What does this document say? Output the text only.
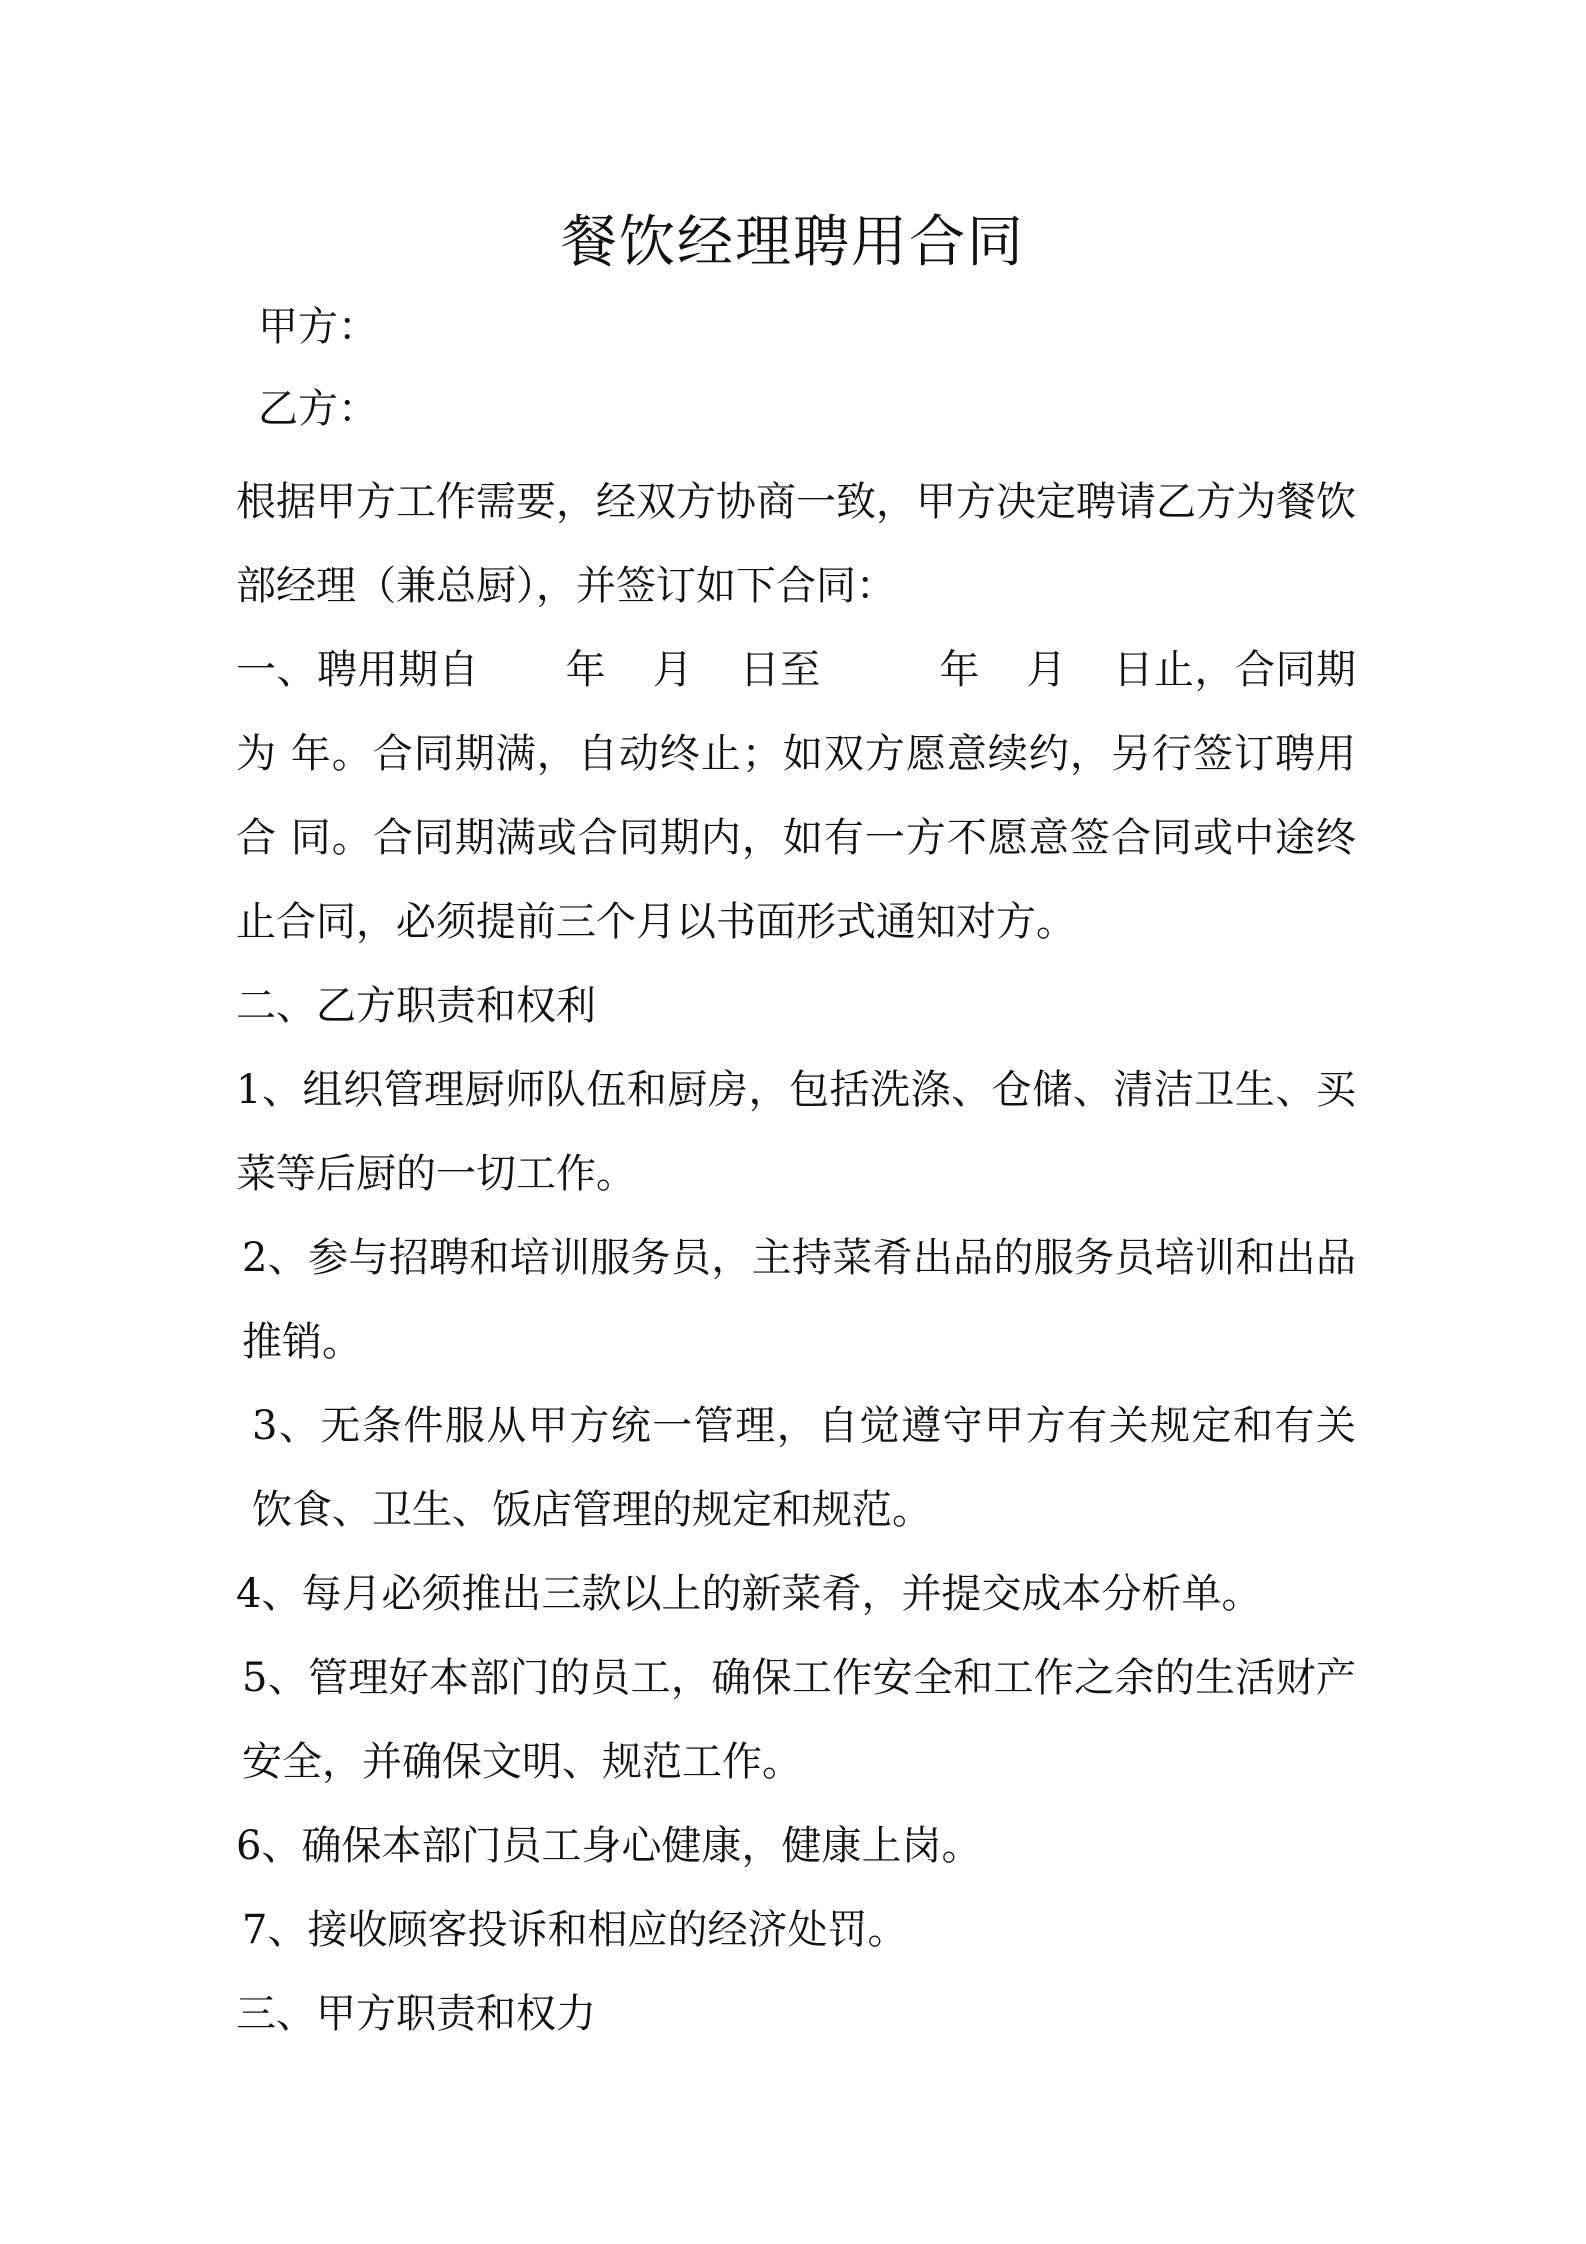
餐饮经理聘用合同
甲方：
乙方：

根据甲方工作需要，经双方协商一致，甲方决定聘请乙方为餐饮部经理（兼总厨），并签订如下合同：

一、聘用期自 年 月 日至	年 月 日止，合同期为 年。合同期满，自动终止；如双方愿意续约，另行签订聘用合 同。合同期满或合同期内，如有一方不愿意签合同或中途终止合同，必须提前三个月以书面形式通知对方。

二、乙方职责和权利

1、组织管理厨师队伍和厨房，包括洗涤、仓储、清洁卫生、买菜等后厨的一切工作。

2、参与招聘和培训服务员，主持菜肴出品的服务员培训和出品推销。

3、无条件服从甲方统一管理，自觉遵守甲方有关规定和有关饮食、卫生、饭店管理的规定和规范。

4、每月必须推出三款以上的新菜肴，并提交成本分析单。

5、管理好本部门的员工，确保工作安全和工作之余的生活财产安全，并确保文明、规范工作。

6、确保本部门员工身心健康，健康上岗。

7、接收顾客投诉和相应的经济处罚。

三、甲方职责和权力
